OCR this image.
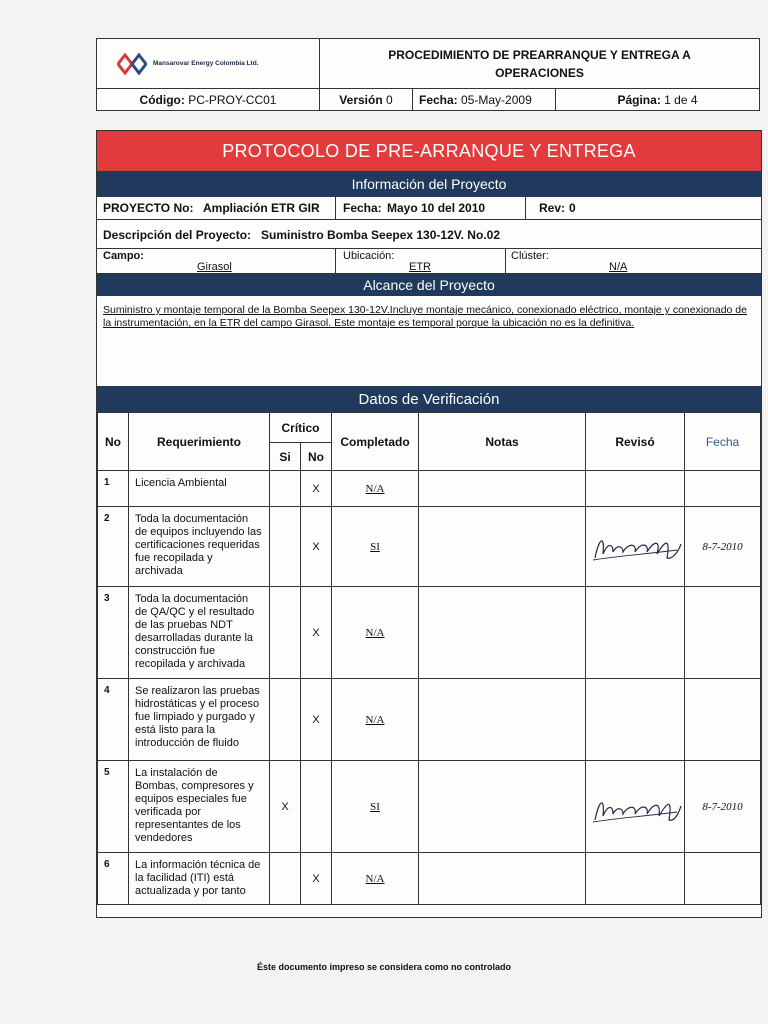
Mansarovar Energy Colombia Ltd.	PROCEDIMIENTO DE PREARRANQUE Y ENTREGA A
OPERACIONES		

Código: PC-PROY-CC01	Versión 0	Fecha: 05-May-2009	Página: 1 de 4
PROTOCOLO DE PRE-ARRANQUE Y ENTREGA
Información del Proyecto
PROYECTO No: Ampliación ETR GIR Fecha: Mayo 10 del 2010	Rev: 0
Descripción del Proyecto: Suministro Bomba Seepex 130-12V. No.02
Campo:
Girasol
Ubicación:
ETR
Clúster:
N/A
Alcance del Proyecto
Suministro y montaje temporal de la Bomba Seepex 130-12V.Incluye montaje mecánico, conexionado eléctrico, montaje y conexionado de la instrumentación, en la ETR del campo Girasol. Este montaje es temporal porque la ubicación no es la definitiva.
Datos de Verificación
No	Requerimiento	Crítico		Completado	Notas	Revisó	Fecha
		Si	No				
1	Licencia Ambiental		X	N/A			
2	Toda la documentación de equipos incluyendo las certificaciones requeridas fue recopilada y archivada		X	SI			8-7-2010
3	Toda la documentación de QA/QC y el resultado de las pruebas NDT desarrolladas durante la construcción fue recopilada y archivada		X	N/A			
4	Se realizaron las pruebas hidrostáticas y el proceso fue limpiado y purgado y está listo para la introducción de fluido		X	N/A			
5	La instalación de Bombas, compresores y equipos especiales fue verificada por representantes de los vendedores	X		SI			8-7-2010
6	La información técnica de la facilidad (ITI) está actualizada y por tanto		X	N/A			
Éste documento impreso se considera como no controlado
